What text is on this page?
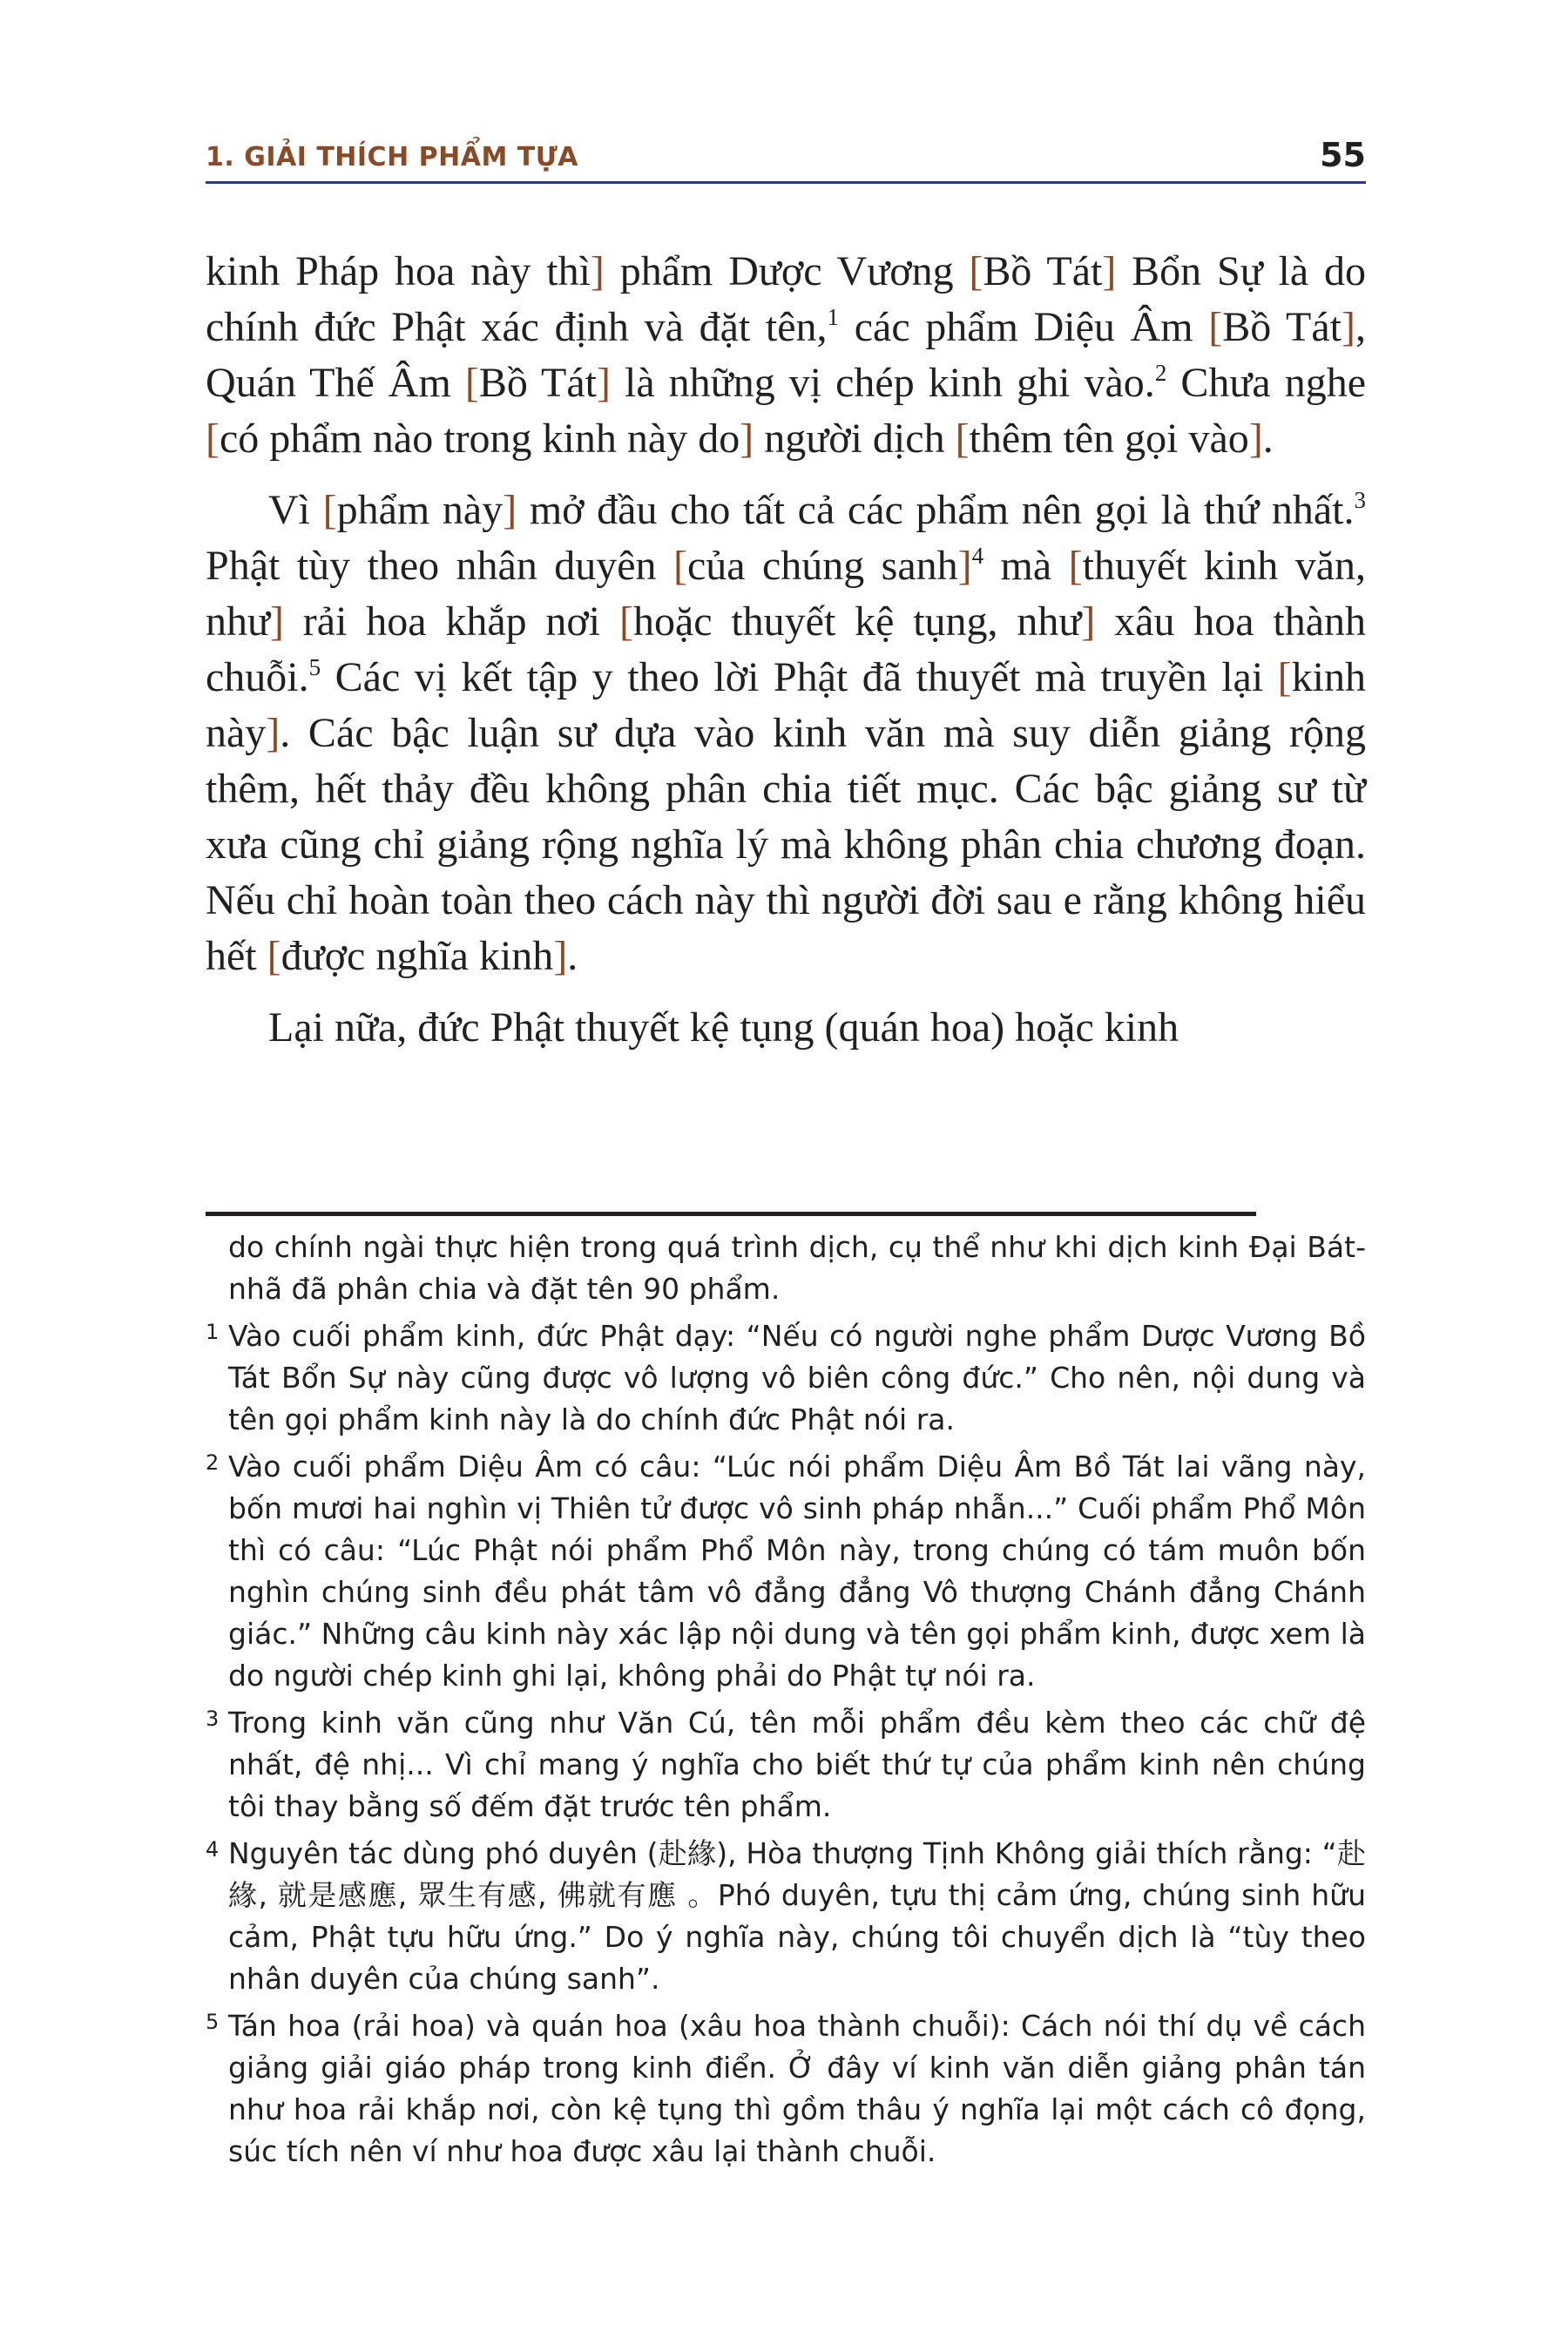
1. GIẢI THÍCH PHẨM TỰA	55

kinh Pháp hoa này thì] phẩm Dược Vương [Bồ Tát] Bổn Sự là do chính đức Phật xác định và đặt tên,$^1$ các phẩm Diệu Âm [Bồ Tát], Quán Thế Âm [Bồ Tát] là những vị chép kinh ghi vào.$^2$ Chưa nghe [có phẩm nào trong kinh này do] người dịch [thêm tên gọi vào].

Vì [phẩm này] mở đầu cho tất cả các phẩm nên gọi là thứ nhất.$^3$ Phật tùy theo nhân duyên [của chúng sanh]$^4$ mà [thuyết kinh văn, như] rải hoa khắp nơi [hoặc thuyết kệ tụng, như] xâu hoa thành chuỗi.$^5$ Các vị kết tập y theo lời Phật đã thuyết mà truyền lại [kinh này]. Các bậc luận sư dựa vào kinh văn mà suy diễn giảng rộng thêm, hết thảy đều không phân chia tiết mục. Các bậc giảng sư từ xưa cũng chỉ giảng rộng nghĩa lý mà không phân chia chương đoạn. Nếu chỉ hoàn toàn theo cách này thì người đời sau e rằng không hiểu hết [được nghĩa kinh].

Lại nữa, đức Phật thuyết kệ tụng (quán hoa) hoặc kinh

do chính ngài thực hiện trong quá trình dịch, cụ thể như khi dịch kinh Đại Bát-nhã đã phân chia và đặt tên 90 phẩm.

1 Vào cuối phẩm kinh, đức Phật dạy: “Nếu có người nghe phẩm Dược Vương Bồ Tát Bổn Sự này cũng được vô lượng vô biên công đức.” Cho nên, nội dung và tên gọi phẩm kinh này là do chính đức Phật nói ra.

2 Vào cuối phẩm Diệu Âm có câu: “Lúc nói phẩm Diệu Âm Bồ Tát lai vãng này, bốn mươi hai nghìn vị Thiên tử được vô sinh pháp nhẫn...” Cuối phẩm Phổ Môn thì có câu: “Lúc Phật nói phẩm Phổ Môn này, trong chúng có tám muôn bốn nghìn chúng sinh đều phát tâm vô đẳng đẳng Vô thượng Chánh đẳng Chánh giác.” Những câu kinh này xác lập nội dung và tên gọi phẩm kinh, được xem là do người chép kinh ghi lại, không phải do Phật tự nói ra.

3 Trong kinh văn cũng như Văn Cú, tên mỗi phẩm đều kèm theo các chữ đệ nhất, đệ nhị... Vì chỉ mang ý nghĩa cho biết thứ tự của phẩm kinh nên chúng tôi thay bằng số đếm đặt trước tên phẩm.

4 Nguyên tác dùng phó duyên (赴緣), Hòa thượng Tịnh Không giải thích rằng: “赴緣, 就是感應, 眾生有感, 佛就有應 。Phó duyên, tựu thị cảm ứng, chúng sinh hữu cảm, Phật tựu hữu ứng.” Do ý nghĩa này, chúng tôi chuyển dịch là “tùy theo nhân duyên của chúng sanh”.

5 Tán hoa (rải hoa) và quán hoa (xâu hoa thành chuỗi): Cách nói thí dụ về cách giảng giải giáo pháp trong kinh điển. Ở đây ví kinh văn diễn giảng phân tán như hoa rải khắp nơi, còn kệ tụng thì gồm thâu ý nghĩa lại một cách cô đọng, súc tích nên ví như hoa được xâu lại thành chuỗi.
